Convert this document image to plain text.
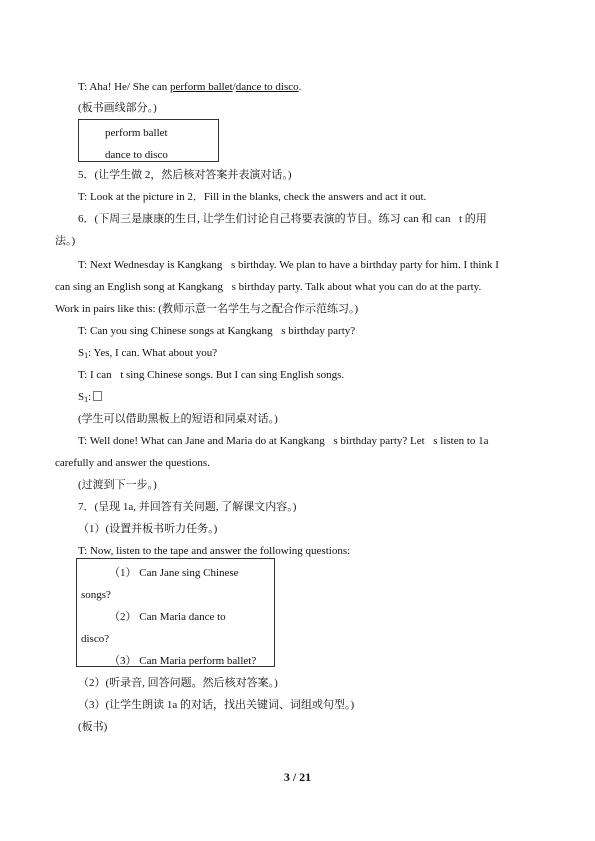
T: Aha! He/ She can perform ballet/dance to disco.
(板书画线部分。)
perform ballet
dance to disco
5．(让学生做 2，然后核对答案并表演对话。)
T: Look at the picture in 2．Fill in the blanks, check the answers and act it out.
6．(下周三是康康的生日, 让学生们讨论自己将要表演的节目。练习 can 和 can t 的用
法。)
T: Next Wednesday is Kangkang s birthday. We plan to have a birthday party for him. I think I
can sing an English song at Kangkang s birthday party. Talk about what you can do at the party.
Work in pairs like this: (教师示意一名学生与之配合作示范练习。)
T: Can you sing Chinese songs at Kangkang s birthday party?
$S_1$: Yes, I can. What about you?
T: I can t sing Chinese songs. But I can sing English songs.
$S_1$:
(学生可以借助黑板上的短语和同桌对话。)
T: Well done! What can Jane and Maria do at Kangkang s birthday party? Let s listen to 1a
carefully and answer the questions.
(过渡到下一步。)
7．(呈现 1a, 并回答有关问题, 了解课文内容。)
（1）(设置并板书听力任务。)
T: Now, listen to the tape and answer the following questions:
（1） Can Jane sing Chinese
songs?
（2） Can Maria dance to
disco?
（3） Can Maria perform ballet?
（2）(听录音, 回答问题。然后核对答案。)
（3）(让学生朗读 1a 的对话，找出关键词、词组或句型。)
(板书)
3 / 21
